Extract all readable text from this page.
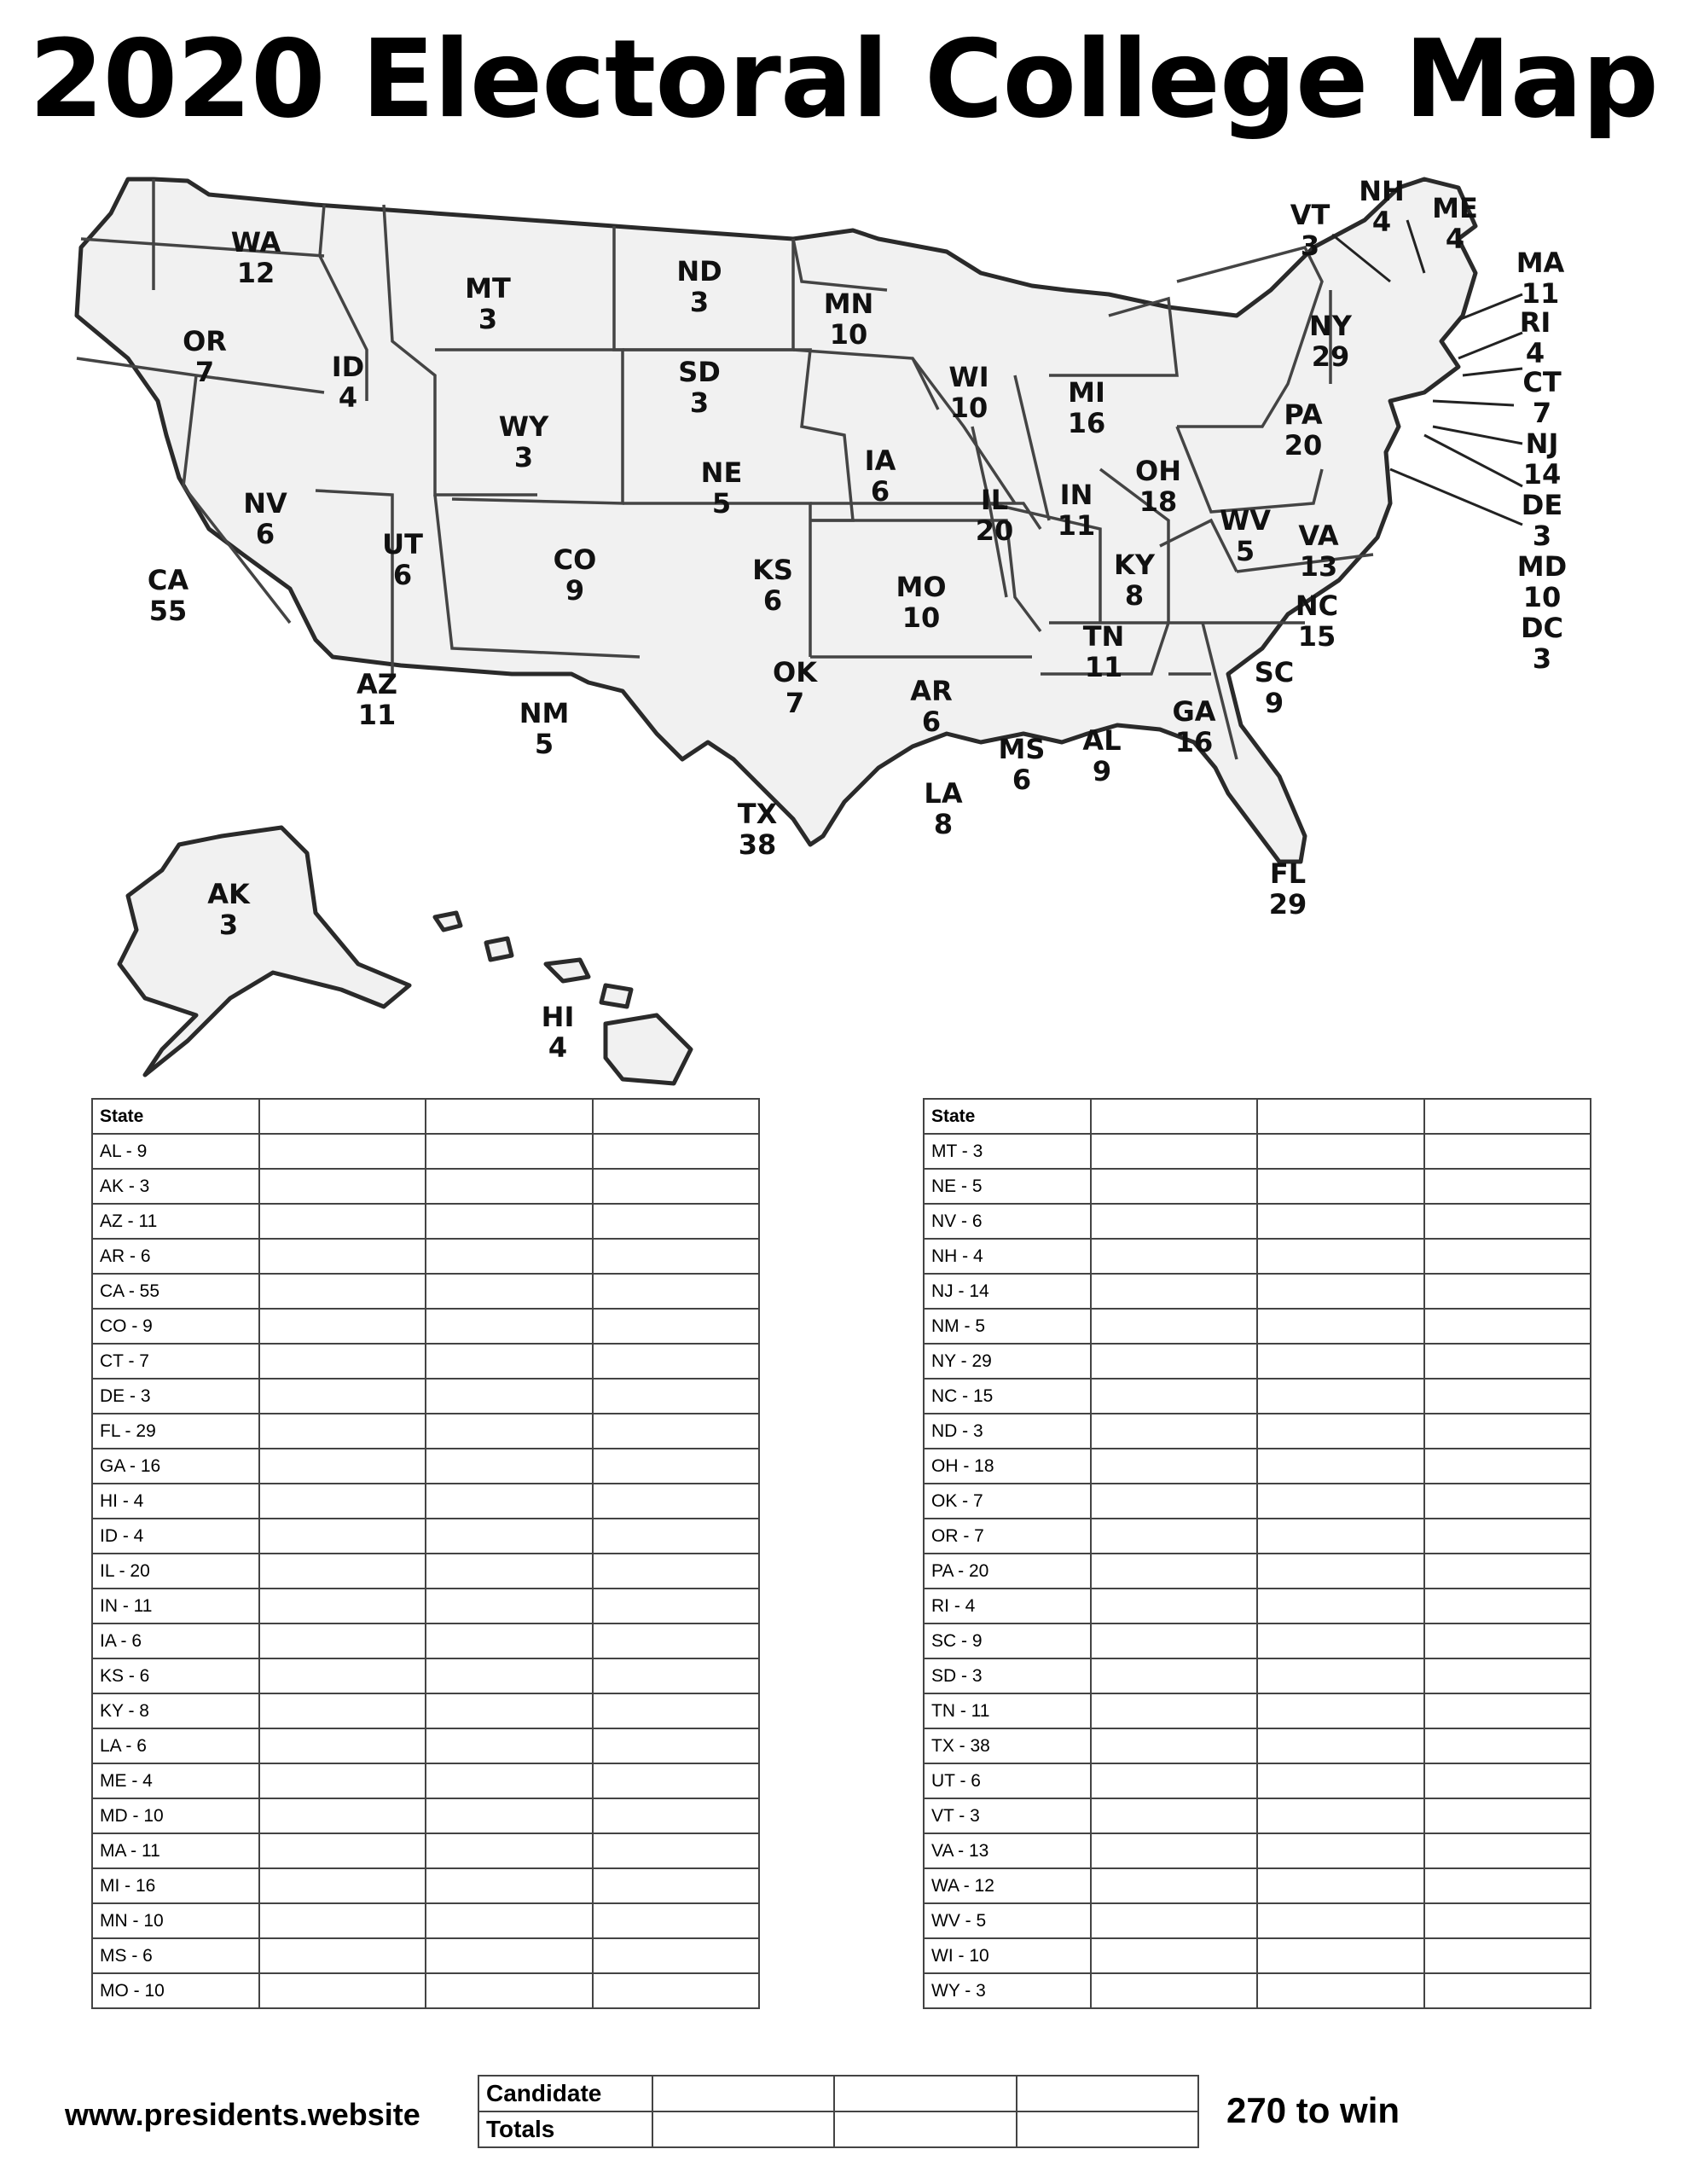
2020 Electoral College Map
WA
12
OR
7
CA
55
ID
4
NV
6
MT
3
WY
3
UT
6
AZ
11
CO
9
NM
5
ND
3
SD
3
NE
5
KS
6
OK
7
TX
38
MN
10
IA
6
MO
10
AR
6
LA
8
WI
10
IL
20
MI
16
IN
11
OH
18
KY
8
TN
11
MS
6
AL
9
GA
16
FL
29
SC
9
NC
15
VA
13
WV
5
PA
20
NY
29
VT
3
NH
4	ME
4
MA
11
RI
4
CT
7
NJ
14
DE
3
MD
10
DC
3
AK
3
HI
4
State			
AL - 9			
AK - 3			
AZ - 11			
AR - 6			
CA - 55			
CO - 9			
CT - 7			
DE - 3			
FL - 29			
GA - 16			
HI - 4			
ID - 4			
IL - 20			
IN - 11			
IA - 6			
KS - 6			
KY - 8			
LA - 6			
ME - 4			
MD - 10			
MA - 11			
MI - 16			
MN - 10			
MS - 6			
MO - 10			
State			
MT - 3			
NE - 5			
NV - 6			
NH - 4			
NJ - 14			
NM - 5			
NY - 29			
NC - 15			
ND - 3			
OH - 18			
OK - 7			
OR - 7			
PA - 20			
RI - 4			
SC - 9			
SD - 3			
TN - 11			
TX - 38			
UT - 6			
VT - 3			
VA - 13			
WA - 12			
WV - 5			
WI - 10			
WY - 3			
www.presidents.website
Candidate			
Totals				270 to win
